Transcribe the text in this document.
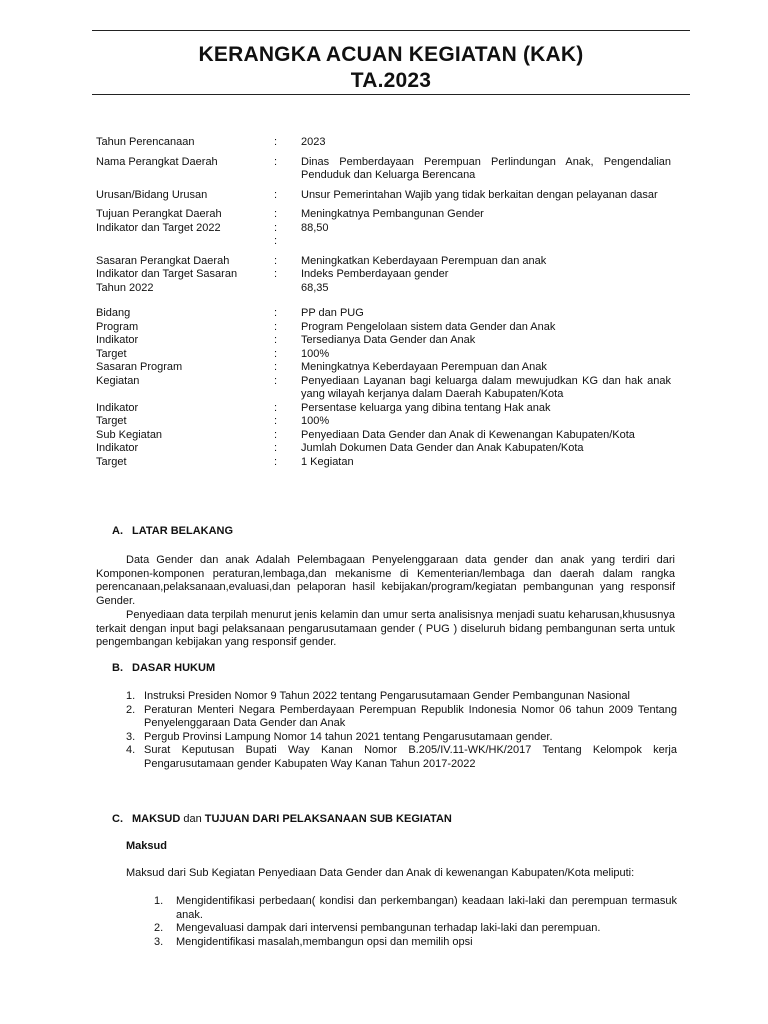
KERANGKA ACUAN KEGIATAN (KAK)
TA.2023
Tahun Perencanaan	:	2023
Nama Perangkat Daerah	:	Dinas Pemberdayaan Perempuan Perlindungan Anak, Pengendalian Penduduk dan Keluarga Berencana
Urusan/Bidang Urusan	:	Unsur Pemerintahan Wajib yang tidak berkaitan dengan pelayanan dasar
Tujuan Perangkat Daerah	:	Meningkatnya Pembangunan Gender
Indikator dan Target 2022	:	88,50
	:	
Sasaran Perangkat Daerah	:	Meningkatkan Keberdayaan Perempuan dan anak
Indikator dan Target Sasaran	:	Indeks Pemberdayaan gender
Tahun 2022		68,35
Bidang	:	PP dan PUG
Program	:	Program Pengelolaan sistem data Gender dan Anak
Indikator	:	Tersedianya Data Gender dan Anak
Target	:	100%
Sasaran Program	:	Meningkatnya Keberdayaan Perempuan dan Anak
Kegiatan	:	Penyediaan Layanan bagi keluarga dalam mewujudkan KG dan hak anak yang wilayah kerjanya dalam Daerah Kabupaten/Kota
Indikator	:	Persentase keluarga yang dibina tentang Hak anak
Target	:	100%
Sub Kegiatan	:	Penyediaan Data Gender dan Anak di Kewenangan Kabupaten/Kota
Indikator	:	Jumlah Dokumen Data Gender dan Anak Kabupaten/Kota
Target	:	1 Kegiatan
A. LATAR BELAKANG
Data Gender dan anak Adalah Pelembagaan Penyelenggaraan data gender dan anak yang terdiri dari Komponen-komponen peraturan,lembaga,dan mekanisme di Kementerian/lembaga dan daerah dalam rangka perencanaan,pelaksanaan,evaluasi,dan pelaporan hasil kebijakan/program/kegiatan pembangunan yang responsif Gender.
Penyediaan data terpilah menurut jenis kelamin dan umur serta analisisnya menjadi suatu keharusan,khususnya terkait dengan input bagi pelaksanaan pengarusutamaan gender ( PUG ) diseluruh bidang pembangunan serta untuk pengembangan kebijakan yang responsif gender.
B. DASAR HUKUM
1. Instruksi Presiden Nomor 9 Tahun 2022 tentang Pengarusutamaan Gender Pembangunan Nasional
2. Peraturan Menteri Negara Pemberdayaan Perempuan Republik Indonesia Nomor 06 tahun 2009 Tentang Penyelenggaraan Data Gender dan Anak
3. Pergub Provinsi Lampung Nomor 14 tahun 2021 tentang Pengarusutamaan gender.
4. Surat Keputusan Bupati Way Kanan Nomor B.205/IV.11-WK/HK/2017 Tentang Kelompok kerja Pengarusutamaan gender Kabupaten Way Kanan Tahun 2017-2022
C. MAKSUD dan TUJUAN DARI PELAKSANAAN SUB KEGIATAN
Maksud
Maksud dari Sub Kegiatan Penyediaan Data Gender dan Anak di kewenangan Kabupaten/Kota meliputi:
1. Mengidentifikasi perbedaan( kondisi dan perkembangan) keadaan laki-laki dan perempuan termasuk anak.
2. Mengevaluasi dampak dari intervensi pembangunan terhadap laki-laki dan perempuan.
3. Mengidentifikasi masalah,membangun opsi dan memilih opsi
